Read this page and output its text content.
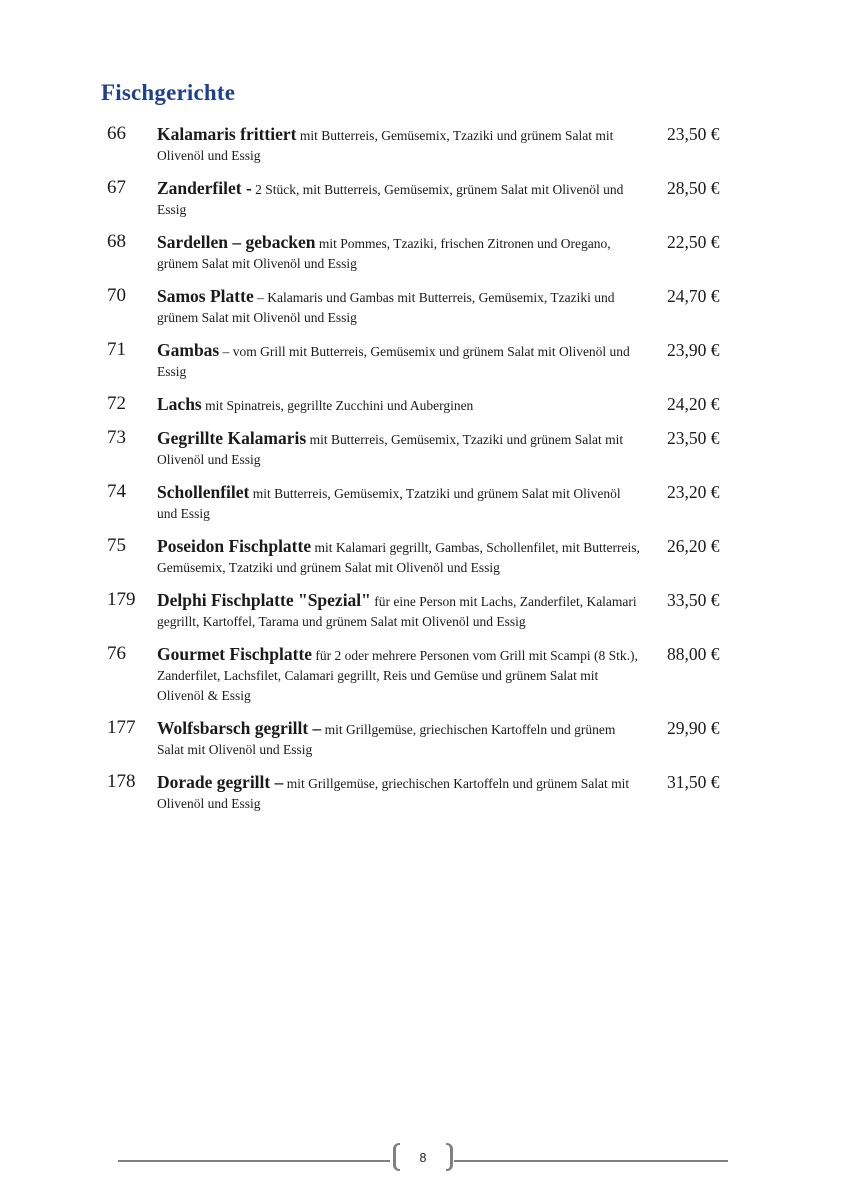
Fischgerichte
66 Kalamaris frittiert mit Butterreis, Gemüsemix, Tzaziki und grünem Salat mit Olivenöl und Essig
23,50 €
67 Zanderfilet - 2 Stück, mit Butterreis, Gemüsemix, grünem Salat mit Olivenöl und Essig
28,50 €
68 Sardellen – gebacken mit Pommes, Tzaziki, frischen Zitronen und Oregano, grünem Salat mit Olivenöl und Essig
22,50 €
70 Samos Platte – Kalamaris und Gambas mit Butterreis, Gemüsemix, Tzaziki und grünem Salat mit Olivenöl und Essig
24,70 €
71 Gambas – vom Grill mit Butterreis, Gemüsemix und grünem Salat mit Olivenöl und Essig
23,90 €
72 Lachs mit Spinatreis, gegrillte Zucchini und Auberginen	24,20 €
73 Gegrillte Kalamaris mit Butterreis, Gemüsemix, Tzaziki und grünem Salat mit Olivenöl und Essig
23,50 €
74 Schollenfilet mit Butterreis, Gemüsemix, Tzatziki und grünem Salat mit Olivenöl und Essig
23,20 €
75 Poseidon Fischplatte mit Kalamari gegrillt, Gambas, Schollenfilet, mit Butterreis, Gemüsemix, Tzatziki und grünem Salat mit Olivenöl und Essig
26,20 €
179 Delphi Fischplatte "Spezial" für eine Person mit Lachs, Zanderfilet, Kalamari gegrillt, Kartoffel, Tarama und grünem Salat mit Olivenöl und Essig
33,50 €
76 Gourmet Fischplatte für 2 oder mehrere Personen vom Grill mit Scampi (8 Stk.), Zanderfilet, Lachsfilet, Calamari gegrillt, Reis und Gemüse und grünem Salat mit Olivenöl & Essig
88,00 €
177 Wolfsbarsch gegrillt – mit Grillgemüse, griechischen Kartoffeln und grünem Salat mit Olivenöl und Essig
29,90 €
178 Dorade gegrillt – mit Grillgemüse, griechischen Kartoffeln und grünem Salat mit Olivenöl und Essig
31,50 €
8
